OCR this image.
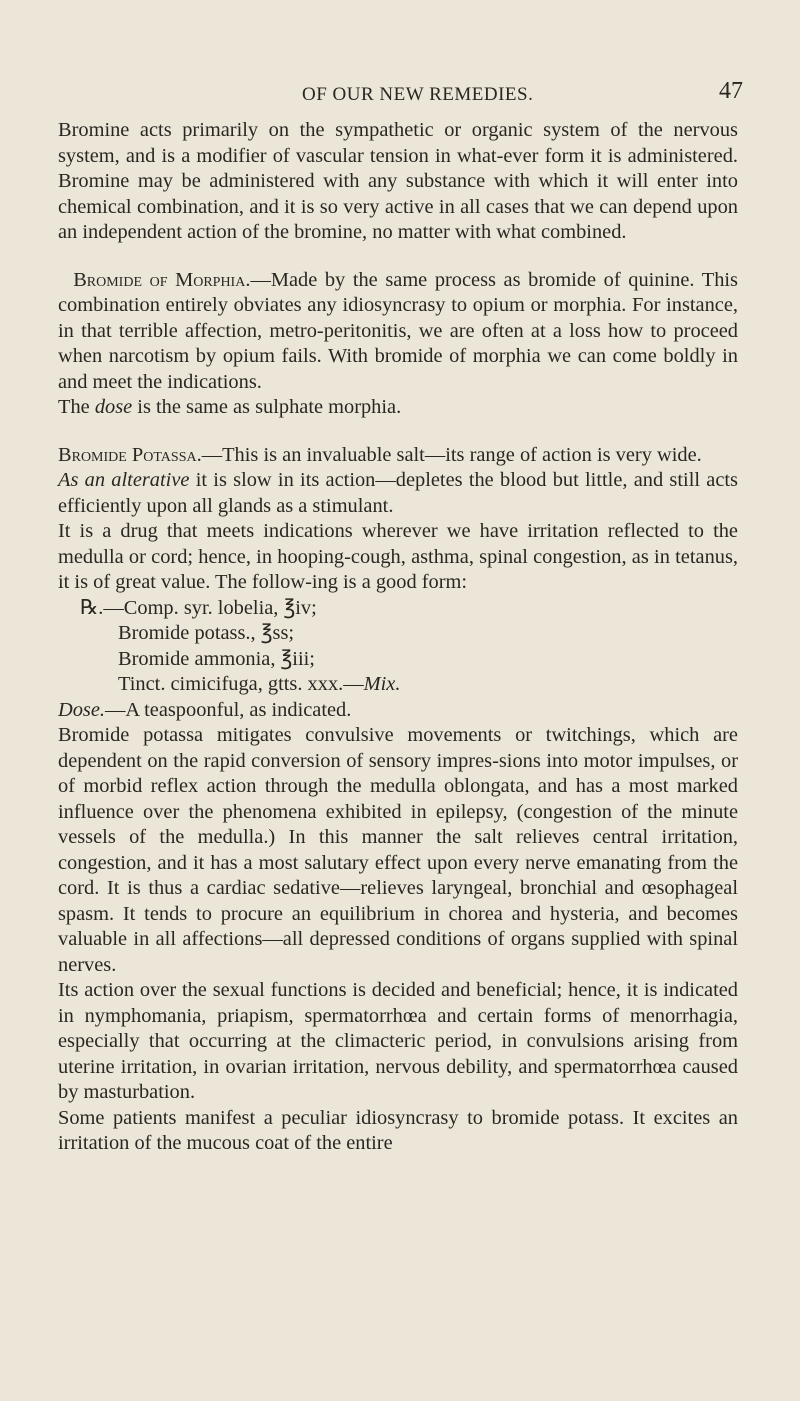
OF OUR NEW REMEDIES.	47

Bromine acts primarily on the sympathetic or organic system of the nervous system, and is a modifier of vascular tension in what-ever form it is administered. Bromine may be administered with any substance with which it will enter into chemical combination, and it is so very active in all cases that we can depend upon an independent action of the bromine, no matter with what combined.

Bromide of Morphia.—Made by the same process as bromide of quinine. This combination entirely obviates any idiosyncrasy to opium or morphia. For instance, in that terrible affection, metro-peritonitis, we are often at a loss how to proceed when narcotism by opium fails. With bromide of morphia we can come boldly in and meet the indications.

The dose is the same as sulphate morphia.

Bromide Potassa.—This is an invaluable salt—its range of action is very wide.

As an alterative it is slow in its action—depletes the blood but little, and still acts efficiently upon all glands as a stimulant.

It is a drug that meets indications wherever we have irritation reflected to the medulla or cord; hence, in hooping-cough, asthma, spinal congestion, as in tetanus, it is of great value. The follow-ing is a good form:

℞.—Comp. syr. lobelia, ℥iv;
Bromide potass., ℥ss;
Bromide ammonia, ℥iii;
Tinct. cimicifuga, gtts. xxx.—Mix.

Dose.—A teaspoonful, as indicated.

Bromide potassa mitigates convulsive movements or twitchings, which are dependent on the rapid conversion of sensory impres-sions into motor impulses, or of morbid reflex action through the medulla oblongata, and has a most marked influence over the phenomena exhibited in epilepsy, (congestion of the minute vessels of the medulla.) In this manner the salt relieves central irritation, congestion, and it has a most salutary effect upon every nerve emanating from the cord. It is thus a cardiac sedative—relieves laryngeal, bronchial and œsophageal spasm. It tends to procure an equilibrium in chorea and hysteria, and becomes valuable in all affections—all depressed conditions of organs supplied with spinal nerves.

Its action over the sexual functions is decided and beneficial; hence, it is indicated in nymphomania, priapism, spermatorrhœa and certain forms of menorrhagia, especially that occurring at the climacteric period, in convulsions arising from uterine irritation, in ovarian irritation, nervous debility, and spermatorrhœa caused by masturbation.

Some patients manifest a peculiar idiosyncrasy to bromide potass. It excites an irritation of the mucous coat of the entire
